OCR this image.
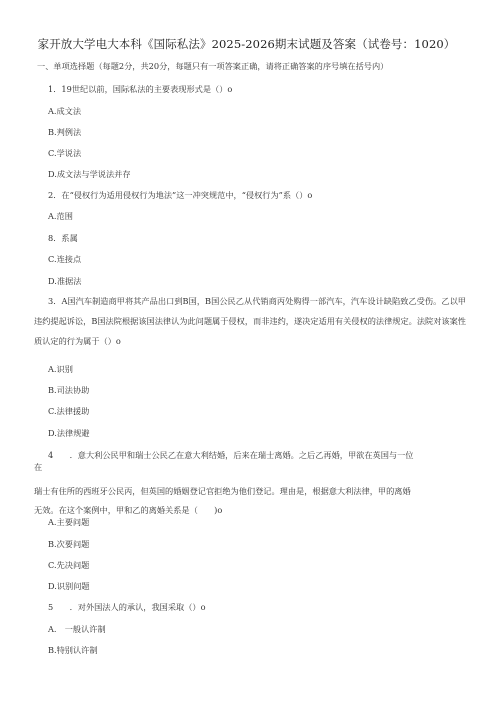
家开放大学电大本科《国际私法》2025-2026期末试题及答案（试卷号：1020）
一、单项选择题（每题2分，共20分，每题只有一项答案正确，请将正确答案的序号填在括号内）
1．19世纪以前，国际私法的主要表现形式是（）o
A.成文法
B.判例法
C.学说法
D.成文法与学说法并存
2．在“侵权行为适用侵权行为地法”这一冲突规范中，“侵权行为”系（）o
A.范围
8．系属
C.连接点
D.准据法
3．A国汽车制造商甲将其产品出口到B国，B国公民乙从代销商丙处购得一部汽车，汽车设计缺陷致乙受伤。乙以甲违约提起诉讼，B国法院根据该国法律认为此问题属于侵权，而非违约，遂决定适用有关侵权的法律规定。法院对该案性质认定的行为属于（）o
A.识别
B.司法协助
C.法律援助
D.法律规避
4　　．意大利公民甲和瑞士公民乙在意大利结婚，后来在瑞士离婚。之后乙再婚，甲欲在英国与一位
在
瑞士有住所的西班牙公民丙，但英国的婚姻登记官拒绝为他们登记。理由是，根据意大利法律，甲的离婚
无效。在这个案例中，甲和乙的离婚关系是（　　)o
A.主要问题
B.次要问题
C.先决问题
D.识别问题
5　　．对外国法人的承认，我国采取（）o
A.　一般认许制
B.特别认许制
